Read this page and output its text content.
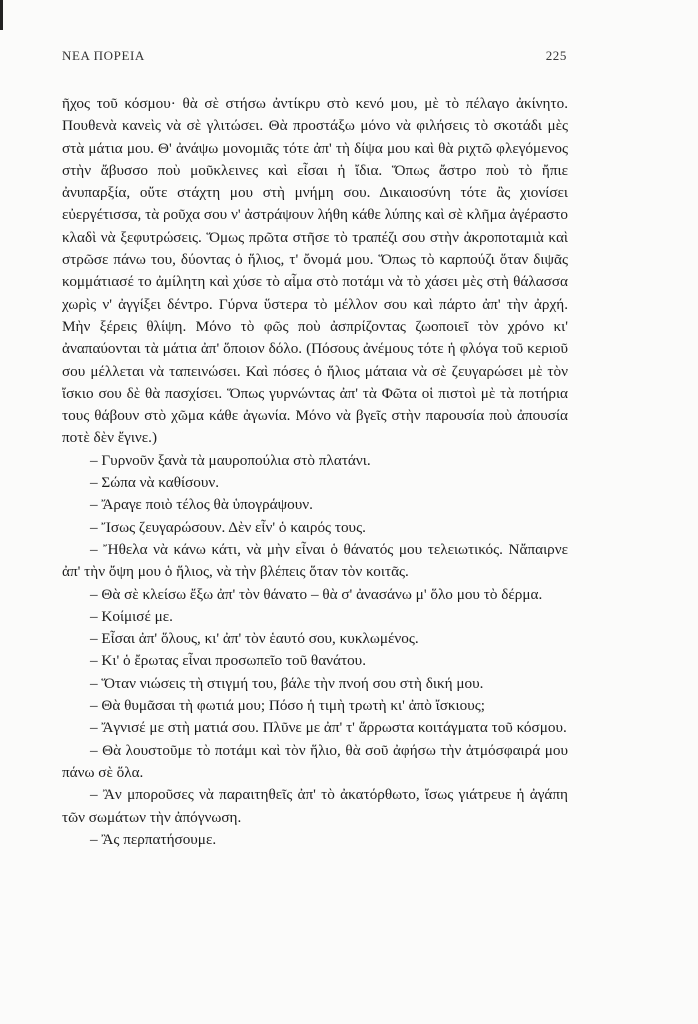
ΝΕΑ ΠΟΡΕΙΑ	225

ῆχος τοῦ κόσμου· θὰ σὲ στήσω ἀντίκρυ στὸ κενό μου, μὲ τὸ πέλαγο ἀκίνητο. Πουθενὰ κανεὶς νὰ σὲ γλιτώσει. Θὰ προστάξω μόνο νὰ φιλήσεις τὸ σκοτάδι μὲς στὰ μάτια μου. Θ' ἀνάψω μονομιᾶς τότε ἀπ' τὴ δίψα μου καὶ θὰ ριχτῶ φλεγόμενος στὴν ἄβυσσο ποὺ μοῦκλεινες καὶ εἶσαι ἡ ἴδια. Ὅπως ἄστρο ποὺ τὸ ἤπιε ἀνυπαρξία, οὔτε στάχτη μου στὴ μνήμη σου. Δικαιοσύνη τότε ἂς χιονίσει εὐεργέτισσα, τὰ ροῦχα σου ν' ἀστράψουν λήθη κάθε λύπης καὶ σὲ κλῆμα ἀγέραστο κλαδὶ νὰ ξεφυτρώσεις. Ὅμως πρῶτα στῆσε τὸ τραπέζι σου στὴν ἀκροποταμιὰ καὶ στρῶσε πάνω του, δύοντας ὁ ἥλιος, τ' ὄνομά μου. Ὅπως τὸ καρπούζι ὅταν διψᾶς κομμάτιασέ το ἀμίλητη καὶ χύσε τὸ αἷμα στὸ ποτάμι νὰ τὸ χάσει μὲς στὴ θάλασσα χωρὶς ν' ἀγγίξει δέντρο. Γύρνα ὕστερα τὸ μέλλον σου καὶ πάρτο ἀπ' τὴν ἀρχή. Μὴν ξέρεις θλίψη. Μόνο τὸ φῶς ποὺ ἀσπρίζοντας ζωοποιεῖ τὸν χρόνο κι' ἀναπαύονται τὰ μάτια ἀπ' ὅποιον δόλο. (Πόσους ἀνέμους τότε ἡ φλόγα τοῦ κεριοῦ σου μέλλεται νὰ ταπεινώσει. Καὶ πόσες ὁ ἥλιος μάταια νὰ σὲ ζευγαρώσει μὲ τὸν ἴσκιο σου δὲ θὰ πασχίσει. Ὅπως γυρνώντας ἀπ' τὰ Φῶτα οἱ πιστοὶ μὲ τὰ ποτήρια τους θάβουν στὸ χῶμα κάθε ἀγωνία. Μόνο νὰ βγεῖς στὴν παρουσία ποὺ ἀπουσία ποτὲ δὲν ἔγινε.)

– Γυρνοῦν ξανὰ τὰ μαυροπούλια στὸ πλατάνι.

– Σώπα νὰ καθίσουν.

– Ἄραγε ποιὸ τέλος θὰ ὑπογράψουν.

– Ἴσως ζευγαρώσουν. Δὲν εἶν' ὁ καιρός τους.

– Ἤθελα νὰ κάνω κάτι, νὰ μὴν εἶναι ὁ θάνατός μου τελειωτικός. Νἄπαιρνε ἀπ' τὴν ὄψη μου ὁ ἥλιος, νὰ τὴν βλέπεις ὅταν τὸν κοιτᾶς.

– Θὰ σὲ κλείσω ἔξω ἀπ' τὸν θάνατο – θὰ σ' ἀνασάνω μ' ὅλο μου τὸ δέρμα.

– Κοίμισέ με.

– Εἶσαι ἀπ' ὅλους, κι' ἀπ' τὸν ἑαυτό σου, κυκλωμένος.

– Κι' ὁ ἔρωτας εἶναι προσωπεῖο τοῦ θανάτου.

– Ὅταν νιώσεις τὴ στιγμή του, βάλε τὴν πνοή σου στὴ δική μου.

– Θὰ θυμᾶσαι τὴ φωτιά μου; Πόσο ἡ τιμὴ τρωτὴ κι' ἀπὸ ἴσκιους;

– Ἄγνισέ με στὴ ματιά σου. Πλῦνε με ἀπ' τ' ἄρρωστα κοιτάγματα τοῦ κόσμου.

– Θὰ λουστοῦμε τὸ ποτάμι καὶ τὸν ἥλιο, θὰ σοῦ ἀφήσω τὴν ἀτμόσφαιρά μου πάνω σὲ ὅλα.

– Ἂν μποροῦσες νὰ παραιτηθεῖς ἀπ' τὸ ἀκατόρθωτο, ἴσως γιάτρευε ἡ ἀγάπη τῶν σωμάτων τὴν ἀπόγνωση.

– Ἂς περπατήσουμε.
